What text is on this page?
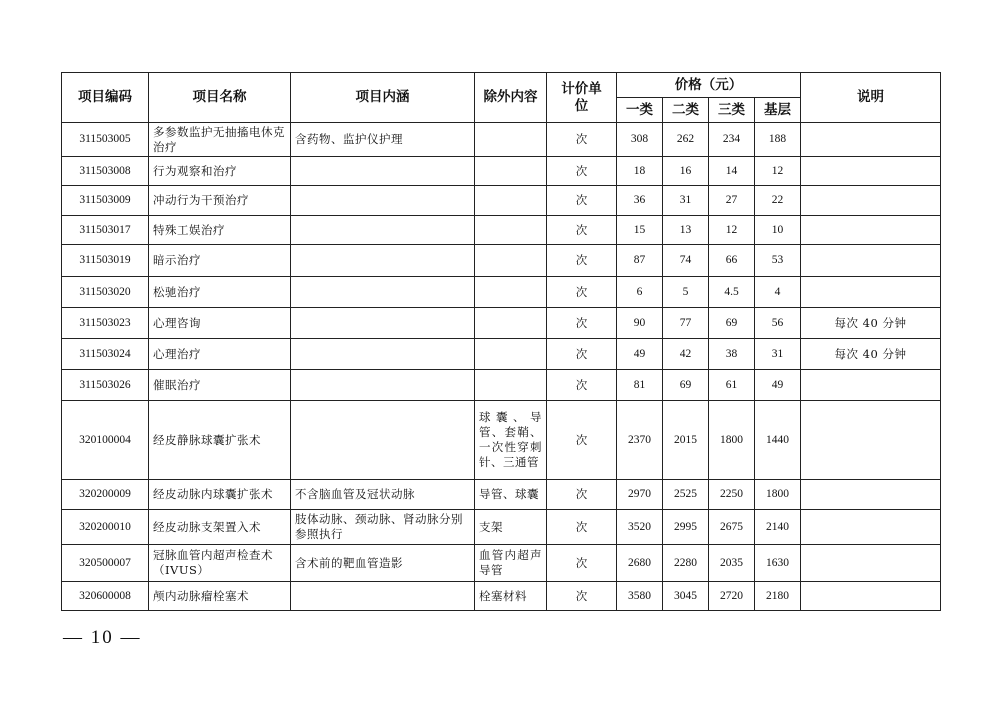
项目编码	项目名称	项目内涵	除外内容	计价单位	价格（元）				说明
					一类	二类	三类	基层	
311503005	多参数监护无抽搐电休克治疗	含药物、监护仪护理		次	308	262	234	188	
311503008	行为观察和治疗			次	18	16	14	12	
311503009	冲动行为干预治疗			次	36	31	27	22	
311503017	特殊工娱治疗			次	15	13	12	10	
311503019	暗示治疗			次	87	74	66	53	
311503020	松驰治疗			次	6	5	4.5	4	
311503023	心理咨询			次	90	77	69	56	每次 40 分钟
311503024	心理治疗			次	49	42	38	31	每次 40 分钟
311503026	催眠治疗			次	81	69	61	49	
320100004	经皮静脉球囊扩张术		球囊、导管、套鞘、一次性穿刺针、三通管	次	2370	2015	1800	1440	
320200009	经皮动脉内球囊扩张术	不含脑血管及冠状动脉	导管、球囊	次	2970	2525	2250	1800	
320200010	经皮动脉支架置入术	肢体动脉、颈动脉、肾动脉分别参照执行	支架	次	3520	2995	2675	2140	
320500007	冠脉血管内超声检查术（IVUS）	含术前的靶血管造影	血管内超声导管	次	2680	2280	2035	1630	
320600008	颅内动脉瘤栓塞术		栓塞材料	次	3580	3045	2720	2180	
— 10 —
